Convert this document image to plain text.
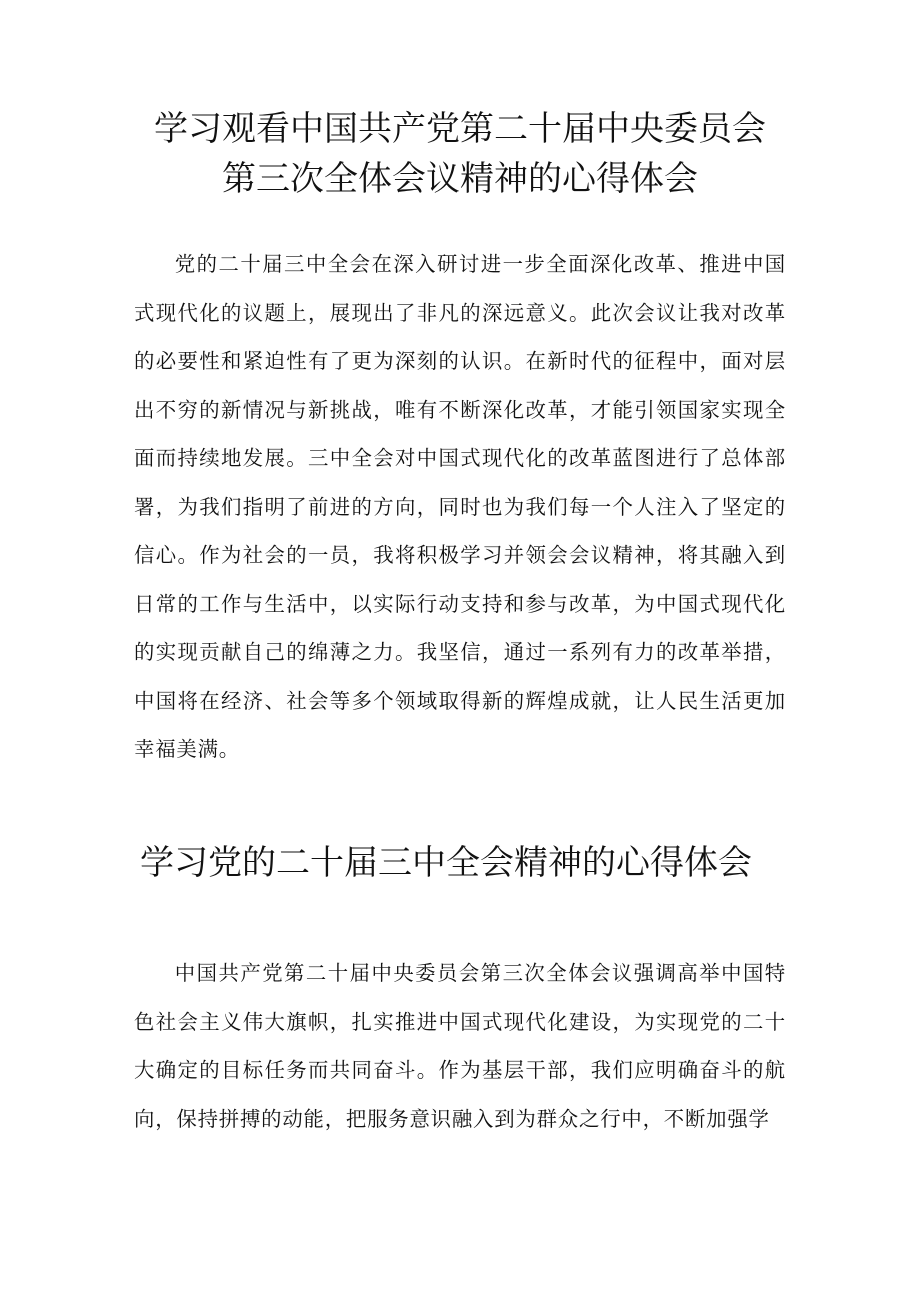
学习观看中国共产党第二十届中央委员会
第三次全体会议精神的心得体会

党的二十届三中全会在深入研讨进一步全面深化改革、推进中国式现代化的议题上，展现出了非凡的深远意义。此次会议让我对改革的必要性和紧迫性有了更为深刻的认识。在新时代的征程中，面对层出不穷的新情况与新挑战，唯有不断深化改革，才能引领国家实现全面而持续地发展。三中全会对中国式现代化的改革蓝图进行了总体部署，为我们指明了前进的方向，同时也为我们每一个人注入了坚定的信心。作为社会的一员，我将积极学习并领会会议精神，将其融入到日常的工作与生活中，以实际行动支持和参与改革，为中国式现代化的实现贡献自己的绵薄之力。我坚信，通过一系列有力的改革举措，中国将在经济、社会等多个领域取得新的辉煌成就，让人民生活更加幸福美满。

学习党的二十届三中全会精神的心得体会

中国共产党第二十届中央委员会第三次全体会议强调高举中国特色社会主义伟大旗帜，扎实推进中国式现代化建设，为实现党的二十大确定的目标任务而共同奋斗。作为基层干部，我们应明确奋斗的航向，保持拼搏的动能，把服务意识融入到为群众之行中，不断加强学
